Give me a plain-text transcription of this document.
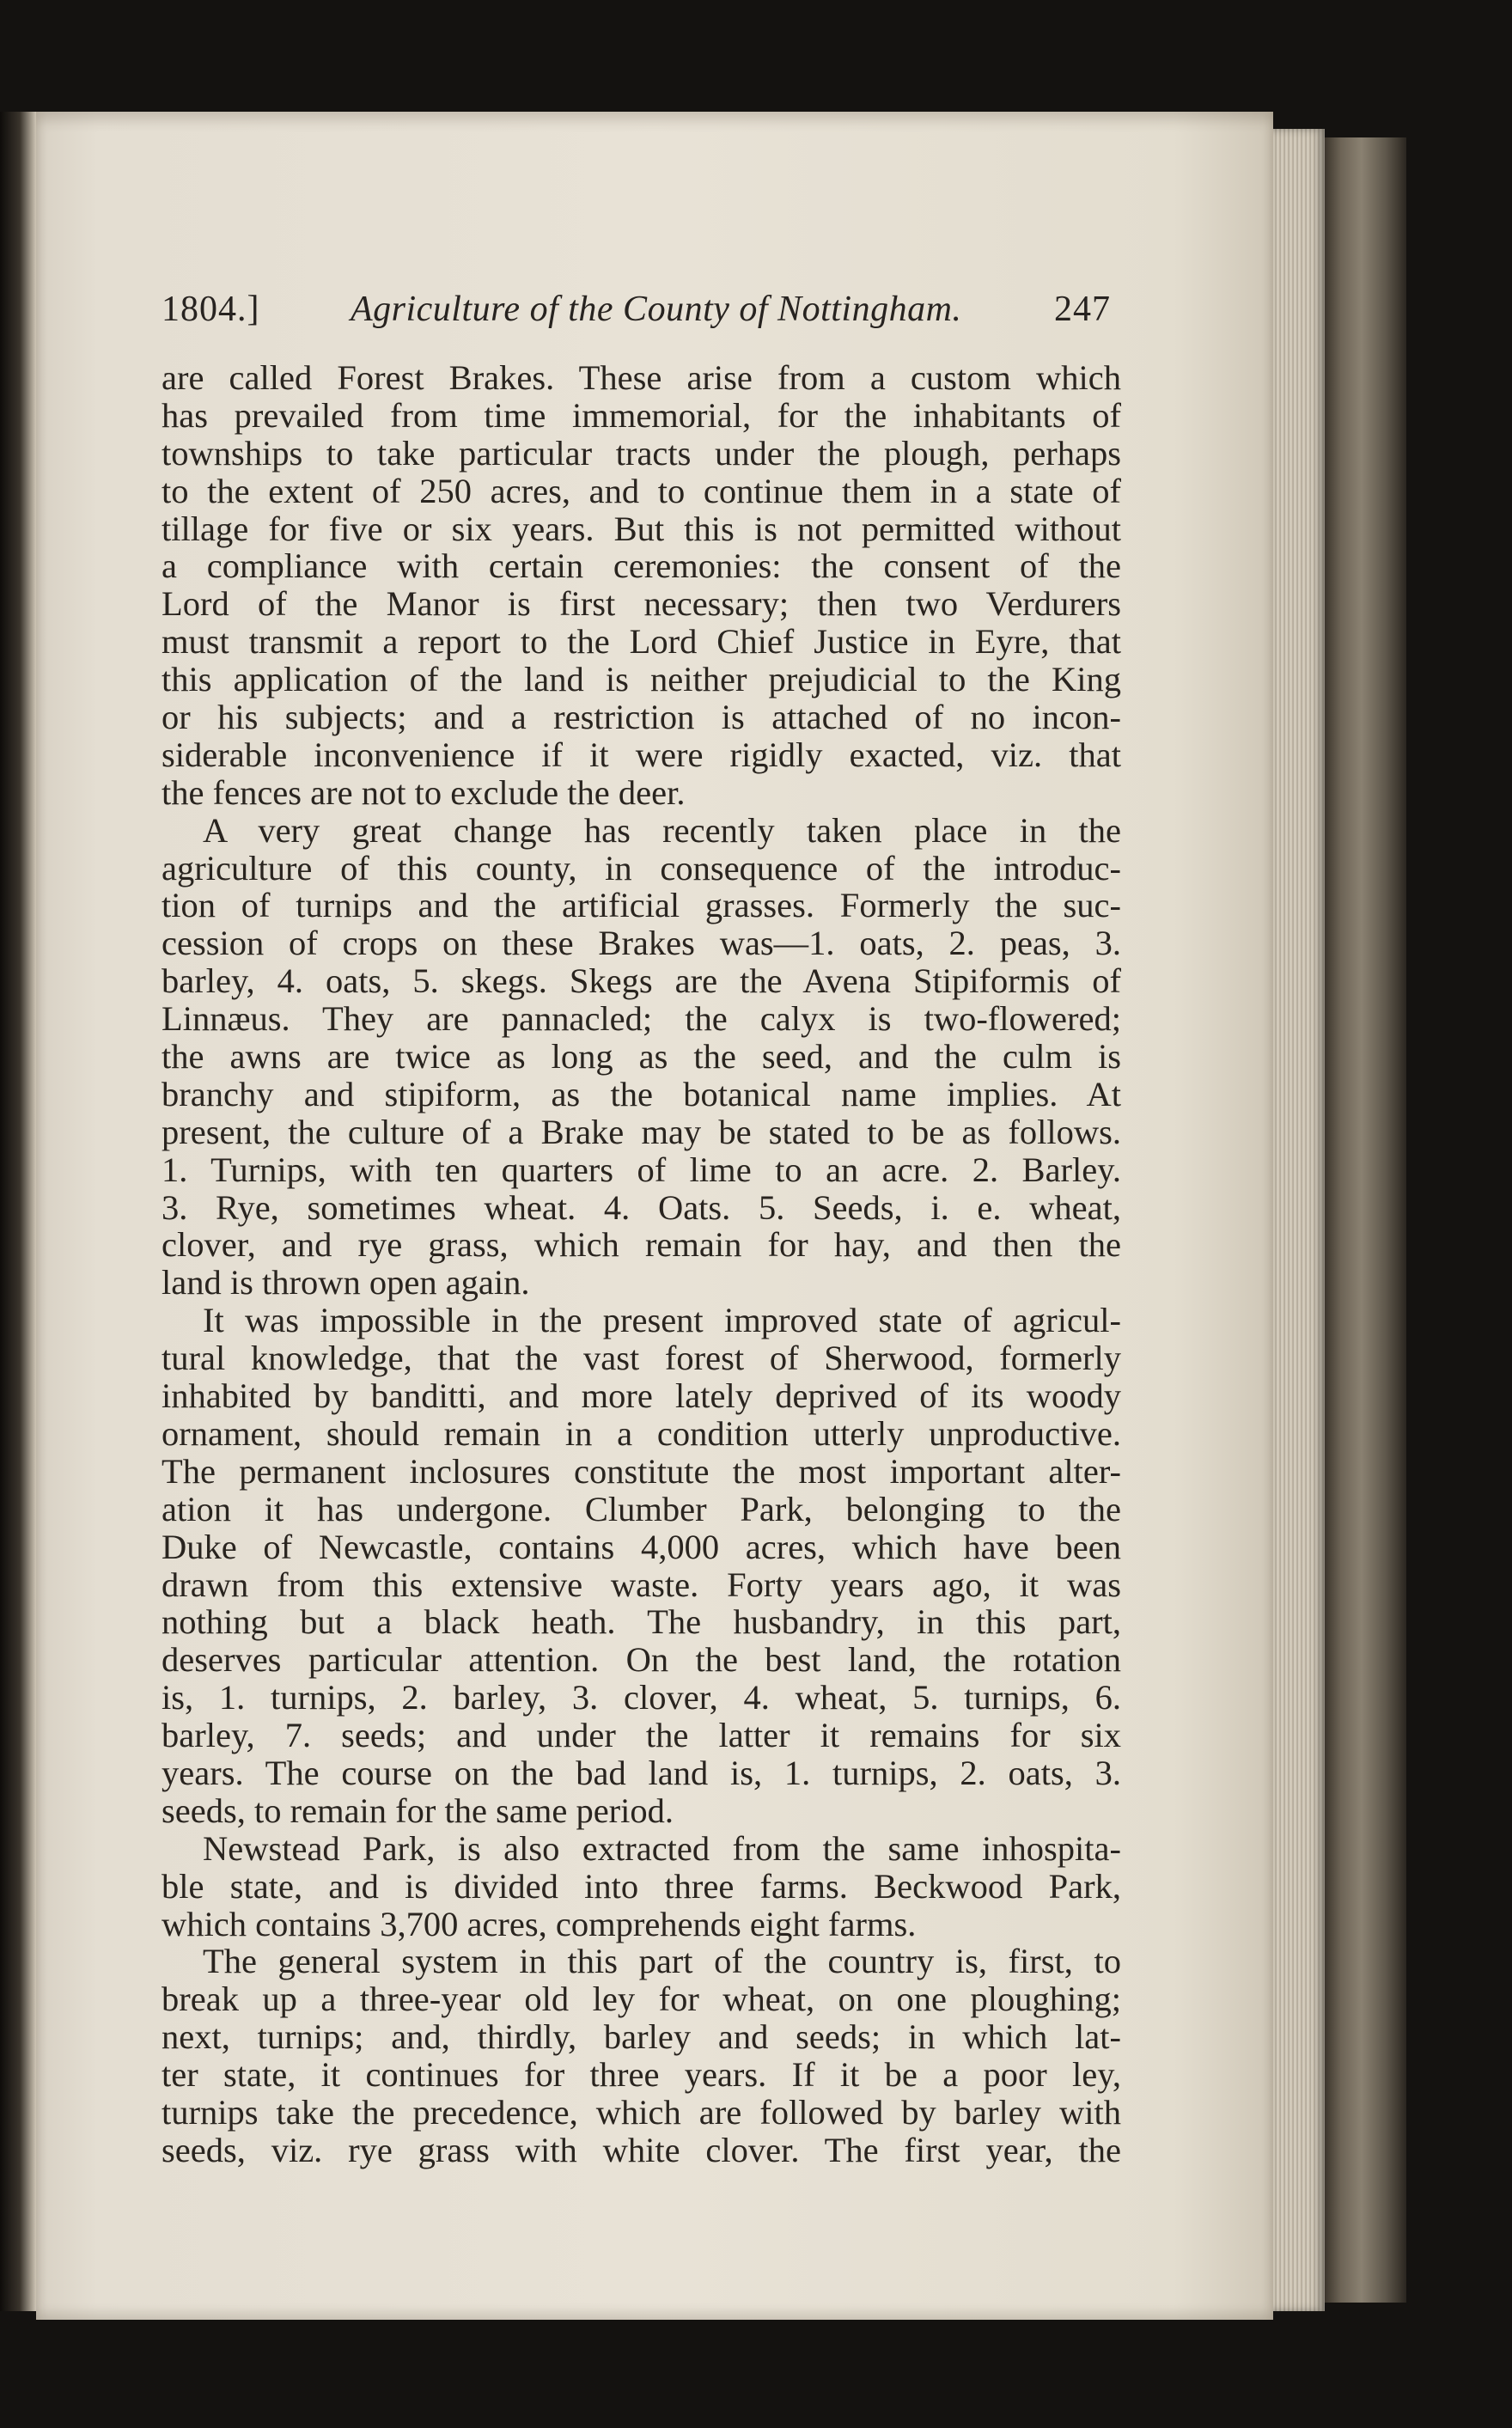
1804.]	Agriculture of the County of Nottingham.	247
are called Forest Brakes. These arise from a custom which
has prevailed from time immemorial, for the inhabitants of
townships to take particular tracts under the plough, perhaps
to the extent of 250 acres, and to continue them in a state of
tillage for five or six years. But this is not permitted without
a compliance with certain ceremonies: the consent of the
Lord of the Manor is first necessary; then two Verdurers
must transmit a report to the Lord Chief Justice in Eyre, that
this application of the land is neither prejudicial to the King
or his subjects; and a restriction is attached of no incon-
siderable inconvenience if it were rigidly exacted, viz. that
the fences are not to exclude the deer.
A very great change has recently taken place in the
agriculture of this county, in consequence of the introduc-
tion of turnips and the artificial grasses. Formerly the suc-
cession of crops on these Brakes was—1. oats, 2. peas, 3.
barley, 4. oats, 5. skegs. Skegs are the Avena Stipiformis of
Linnæus. They are pannacled; the calyx is two-flowered;
the awns are twice as long as the seed, and the culm is
branchy and stipiform, as the botanical name implies. At
present, the culture of a Brake may be stated to be as follows.
1. Turnips, with ten quarters of lime to an acre. 2. Barley.
3. Rye, sometimes wheat. 4. Oats. 5. Seeds, i. e. wheat,
clover, and rye grass, which remain for hay, and then the
land is thrown open again.
It was impossible in the present improved state of agricul-
tural knowledge, that the vast forest of Sherwood, formerly
inhabited by banditti, and more lately deprived of its woody
ornament, should remain in a condition utterly unproductive.
The permanent inclosures constitute the most important alter-
ation it has undergone. Clumber Park, belonging to the
Duke of Newcastle, contains 4,000 acres, which have been
drawn from this extensive waste. Forty years ago, it was
nothing but a black heath. The husbandry, in this part,
deserves particular attention. On the best land, the rotation
is, 1. turnips, 2. barley, 3. clover, 4. wheat, 5. turnips, 6.
barley, 7. seeds; and under the latter it remains for six
years. The course on the bad land is, 1. turnips, 2. oats, 3.
seeds, to remain for the same period.
Newstead Park, is also extracted from the same inhospita-
ble state, and is divided into three farms. Beckwood Park,
which contains 3,700 acres, comprehends eight farms.
The general system in this part of the country is, first, to
break up a three-year old ley for wheat, on one ploughing;
next, turnips; and, thirdly, barley and seeds; in which lat-
ter state, it continues for three years. If it be a poor ley,
turnips take the precedence, which are followed by barley with
seeds, viz. rye grass with white clover. The first year, the
